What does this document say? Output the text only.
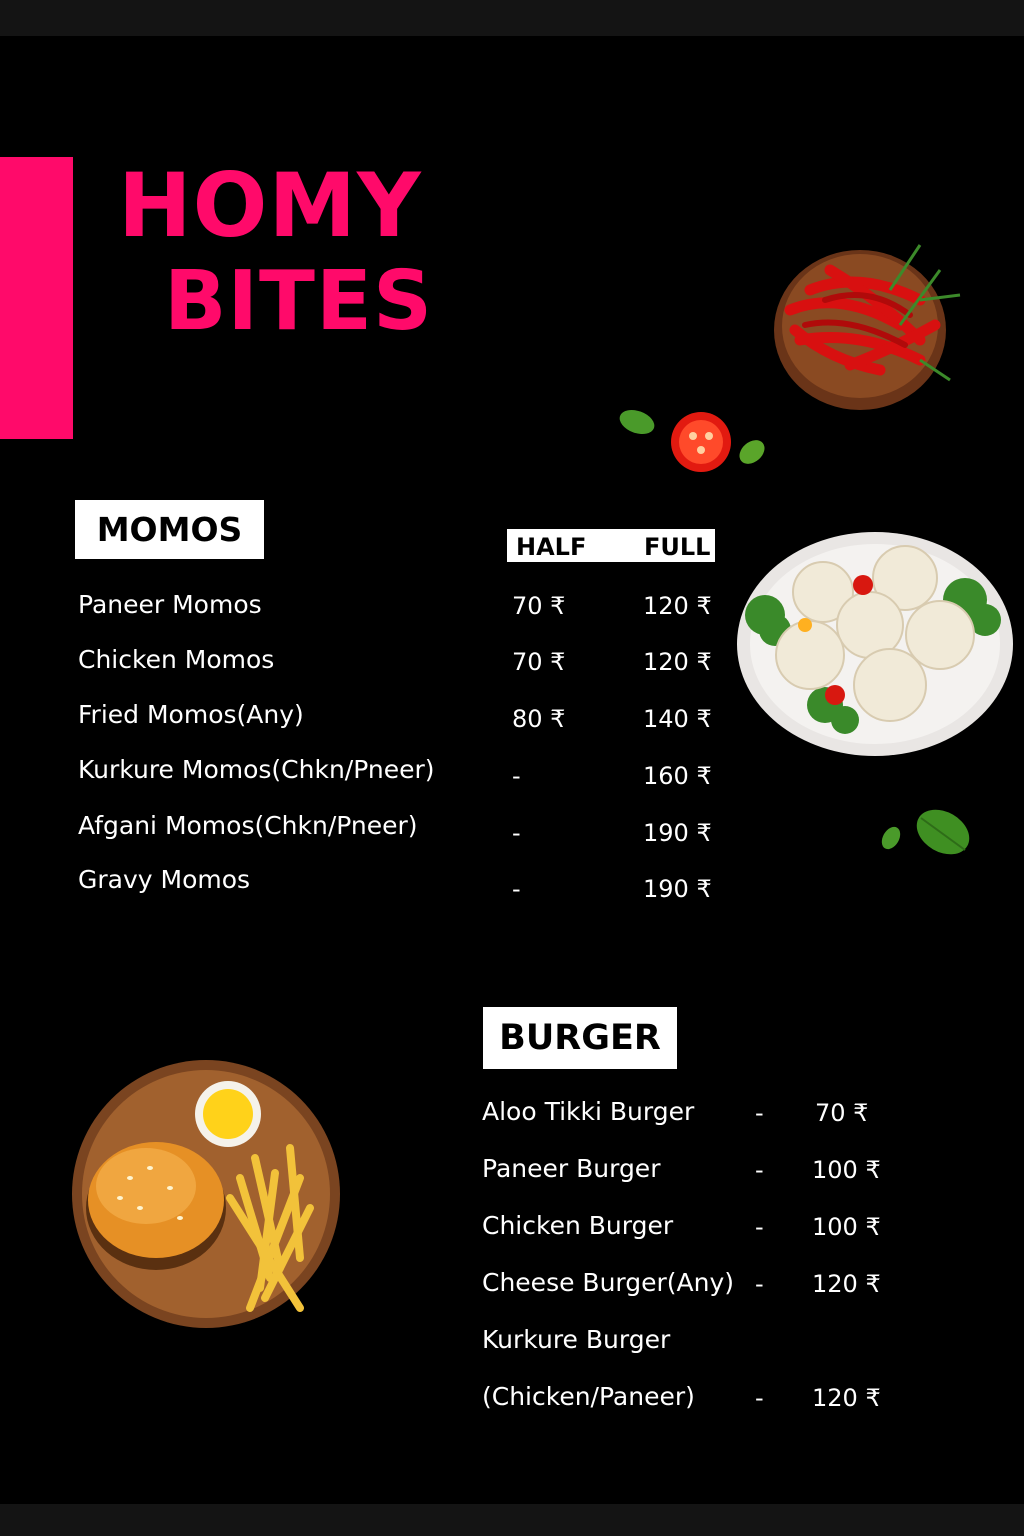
HOMY
BITES
MOMOS	HALF FULL
Paneer Momos	70 ₹	120 ₹
Chicken Momos	70 ₹	120 ₹
Fried Momos(Any)	80 ₹	140 ₹
Kurkure Momos(Chkn/Pneer)	-	160 ₹
Afgani Momos(Chkn/Pneer)	-	190 ₹
Gravy Momos	-	190 ₹
BURGER
Aloo Tikki Burger	- 70 ₹
Paneer Burger	- 100 ₹
Chicken Burger	- 100 ₹
Cheese Burger(Any) - 120 ₹
Kurkure Burger
(Chicken/Paneer)	- 120 ₹
